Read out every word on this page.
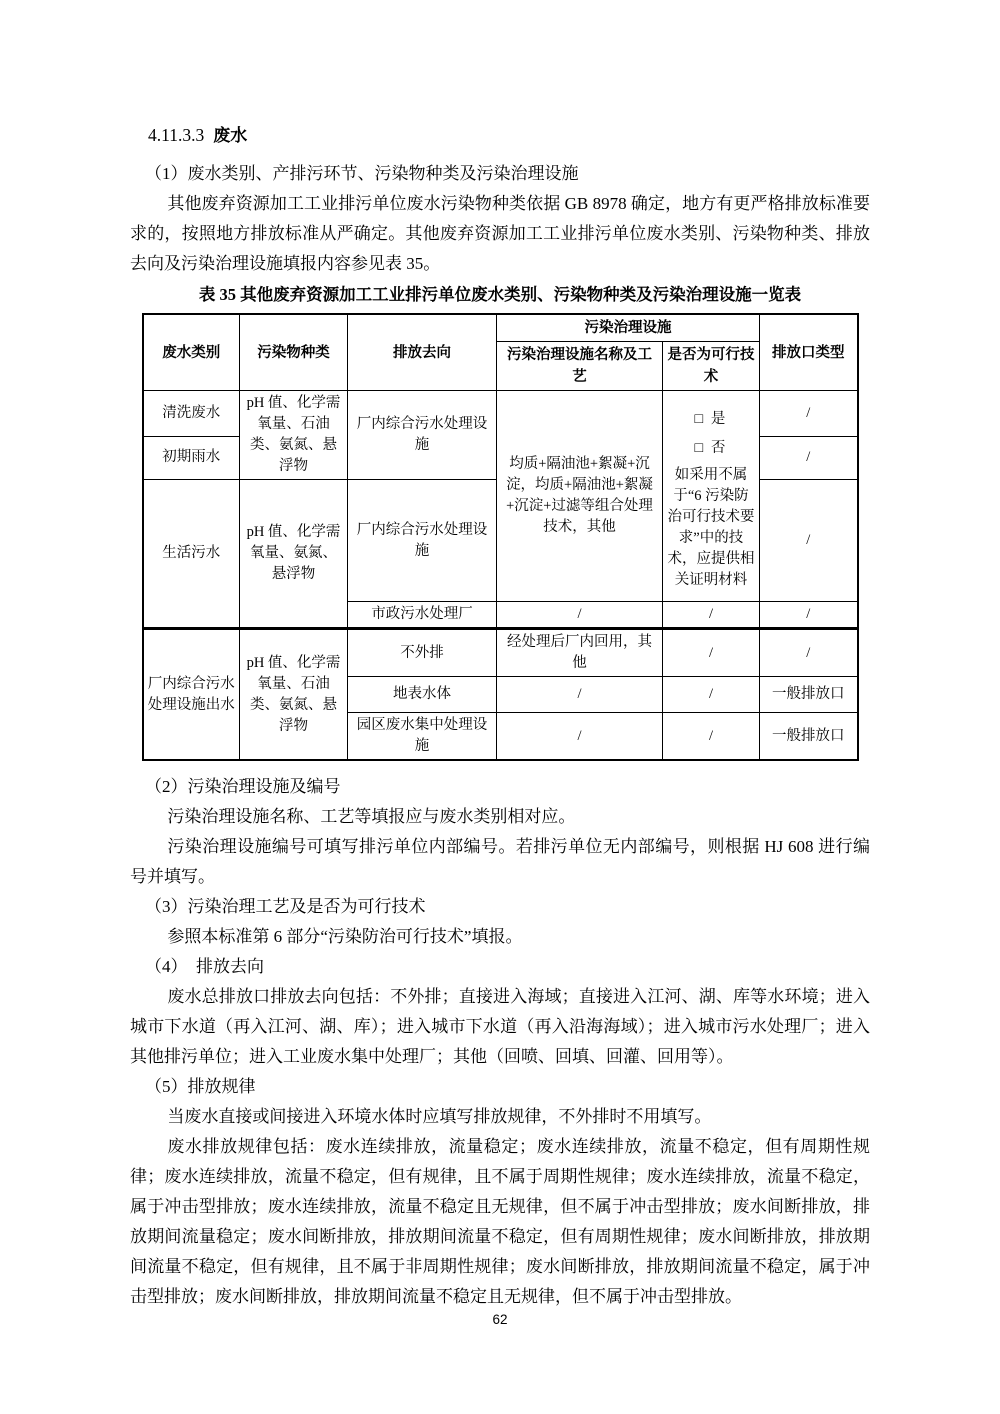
4.11.3.3 废水
（1）废水类别、产排污环节、污染物种类及污染治理设施

其他废弃资源加工工业排污单位废水污染物种类依据 GB 8978 确定，地方有更严格排放标准要求的，按照地方排放标准从严确定。其他废弃资源加工工业排污单位废水类别、污染物种类、排放去向及污染治理设施填报内容参见表 35。

表 35 其他废弃资源加工工业排污单位废水类别、污染物种类及污染治理设施一览表
废水类别	污染物种类	排放去向	污染治理设施		排放口类型
			污染治理设施名称及工艺	是否为可行技术	
清洗废水	pH 值、化学需氧量、石油类、氨氮、悬浮物	厂内综合污水处理设施	均质+隔油池+絮凝+沉淀，均质+隔油池+絮凝+沉淀+过滤等组合处理技术，其他	□ 是
□ 否
如采用不属于“6 污染防治可行技术要求”中的技术，应提供相关证明材料	/
初期雨水					/
生活污水	pH 值、化学需氧量、氨氮、悬浮物	厂内综合污水处理设施			/
		市政污水处理厂	/	/	/
厂内综合污水处理设施出水	pH 值、化学需氧量、石油类、氨氮、悬浮物	不外排	经处理后厂内回用，其他	/	/
		地表水体	/	/	一般排放口
		园区废水集中处理设施	/	/	一般排放口
（2）污染治理设施及编号

污染治理设施名称、工艺等填报应与废水类别相对应。

污染治理设施编号可填写排污单位内部编号。若排污单位无内部编号，则根据 HJ 608 进行编号并填写。

（3）污染治理工艺及是否为可行技术

参照本标准第 6 部分“污染防治可行技术”填报。

（4）　排放去向

废水总排放口排放去向包括：不外排；直接进入海域；直接进入江河、湖、库等水环境；进入城市下水道（再入江河、湖、库）；进入城市下水道（再入沿海海域）；进入城市污水处理厂；进入其他排污单位；进入工业废水集中处理厂；其他（回喷、回填、回灌、回用等）。

（5）排放规律

当废水直接或间接进入环境水体时应填写排放规律，不外排时不用填写。

废水排放规律包括：废水连续排放，流量稳定；废水连续排放，流量不稳定，但有周期性规律；废水连续排放，流量不稳定，但有规律，且不属于周期性规律；废水连续排放，流量不稳定，属于冲击型排放；废水连续排放，流量不稳定且无规律，但不属于冲击型排放；废水间断排放，排放期间流量稳定；废水间断排放，排放期间流量不稳定，但有周期性规律；废水间断排放，排放期间流量不稳定，但有规律，且不属于非周期性规律；废水间断排放，排放期间流量不稳定，属于冲击型排放；废水间断排放，排放期间流量不稳定且无规律，但不属于冲击型排放。

62
